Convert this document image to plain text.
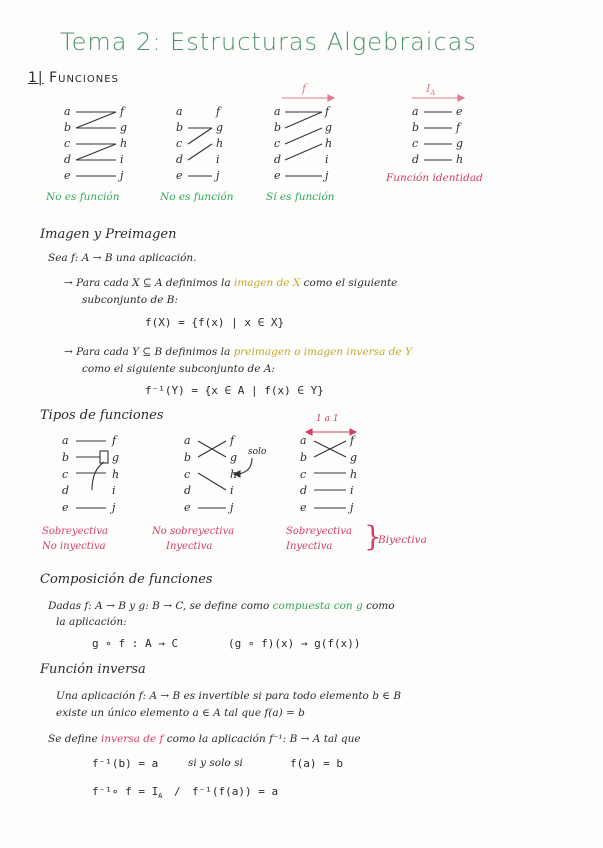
Tema 2: Estructuras Algebraicas
1| Funciones
a
b
c
d
e
f
g
h
i
j
No es función
a
b
c
d
e
f
g
h
i
j
No es función
f
a
b
c
d
e
f
g
h
i
j
Sí es función
$I_A$
a
b
c
d
e
f
g
h
Función identidad
Imagen y Preimagen
Sea f: A → B una aplicación.
→ Para cada X ⊆ A definimos la imagen de X como el siguiente
subconjunto de B:
f(X) = {f(x) | x ∈ X}
→ Para cada Y ⊆ B definimos la preimagen o imagen inversa de Y
como el siguiente subconjunto de A:
f⁻¹(Y) = {x ∈ A | f(x) ∈ Y}
Tipos de funciones
a
b
c
d
e
f
g
h
i
j
Sobreyectiva
No inyectiva
a
b
c
d
e
f
g
h
i
j
solo
No sobreyectiva
Inyectiva
1 a 1
a
b
c
d
e
f
g
h
i
j
Sobreyectiva
Inyectiva	}
Biyectiva
Composición de funciones
Dadas f: A → B y g: B → C, se define como compuesta con g como
la aplicación:
g ∘ f : A → C	(g ∘ f)(x) → g(f(x))
Función inversa
Una aplicación f: A → B es invertible si para todo elemento b ∈ B
existe un único elemento a ∈ A tal que f(a) = b
Se define inversa de f como la aplicación f⁻¹: B → A tal que
f⁻¹(b) = a	si y solo si	f(a) = b
f⁻¹∘ $f = I_A / f^{-1}(f(a)) = a$
